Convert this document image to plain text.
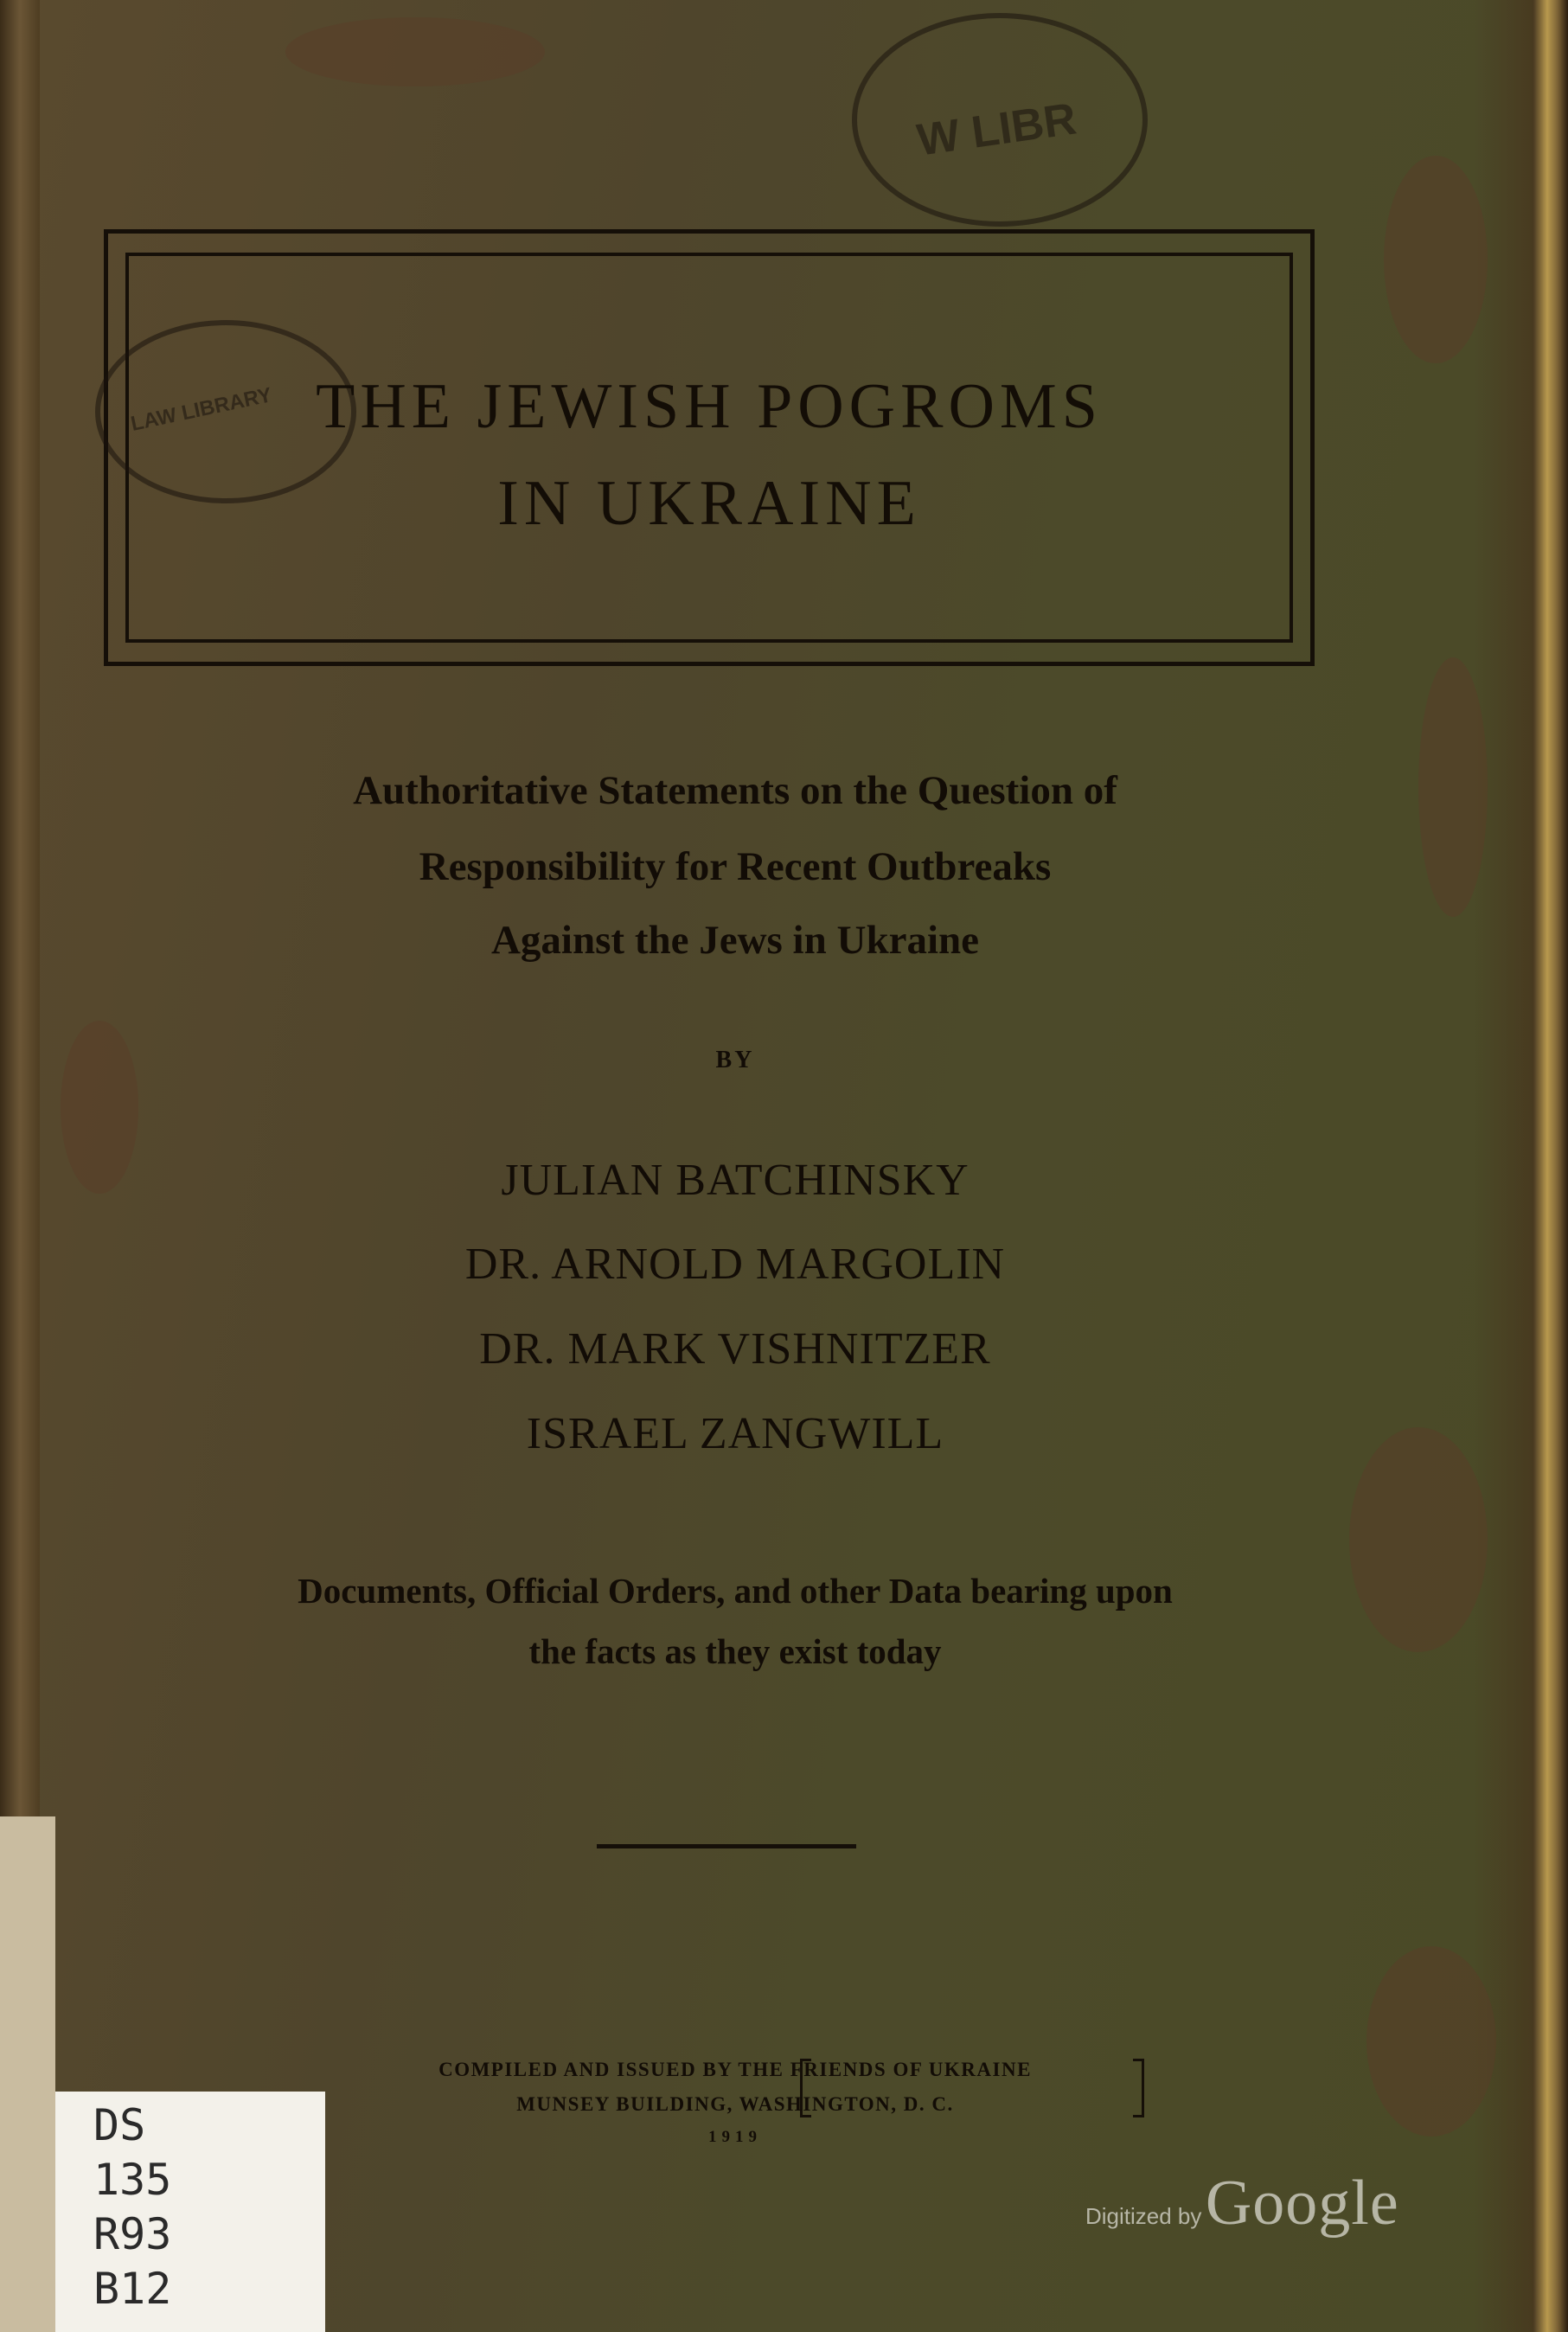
W LIBR
LAW LIBRARY THE JEWISH POGROMS
IN UKRAINE

Authoritative Statements on the Question of

Responsibility for Recent Outbreaks

Against the Jews in Ukraine

BY

JULIAN BATCHINSKY

DR. ARNOLD MARGOLIN

DR. MARK VISHNITZER

ISRAEL ZANGWILL

Documents, Official Orders, and other Data bearing upon

the facts as they exist today

COMPILED AND ISSUED BY THE FRIENDS OF UKRAINE

MUNSEY BUILDING, WASHINGTON, D. C.

1919

DS
135
R93
B12
Digitized by Google
